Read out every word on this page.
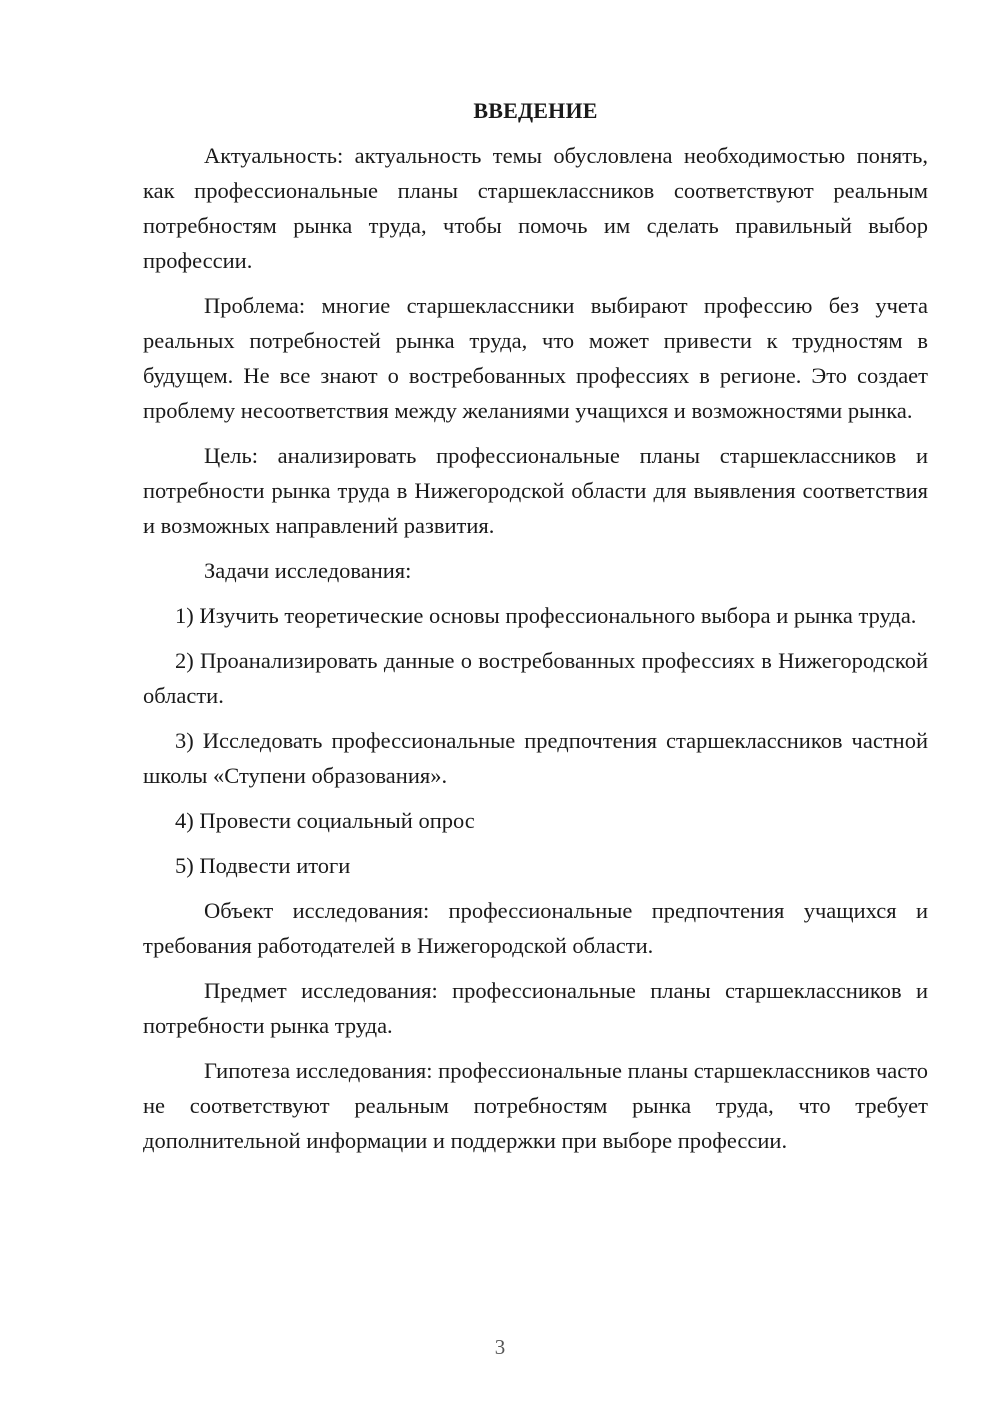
ВВЕДЕНИЕ

Актуальность: актуальность темы обусловлена необходимостью понять, как профессиональные планы старшеклассников соответствуют реальным потребностям рынка труда, чтобы помочь им сделать правильный выбор профессии.

Проблема: многие старшеклассники выбирают профессию без учета реальных потребностей рынка труда, что может привести к трудностям в будущем. Не все знают о востребованных профессиях в регионе. Это создает проблему несоответствия между желаниями учащихся и возможностями рынка.

Цель: анализировать профессиональные планы старшеклассников и потребности рынка труда в Нижегородской области для выявления соответствия и возможных направлений развития.

Задачи исследования:

1) Изучить теоретические основы профессионального выбора и рынка труда.

2) Проанализировать данные о востребованных профессиях в Нижегородской области.

3) Исследовать профессиональные предпочтения старшеклассников частной школы «Ступени образования».

4) Провести социальный опрос

5) Подвести итоги

Объект исследования: профессиональные предпочтения учащихся и требования работодателей в Нижегородской области.

Предмет исследования: профессиональные планы старшеклассников и потребности рынка труда.

Гипотеза исследования: профессиональные планы старшеклассников часто не соответствуют реальным потребностям рынка труда, что требует дополнительной информации и поддержки при выборе профессии.

3
